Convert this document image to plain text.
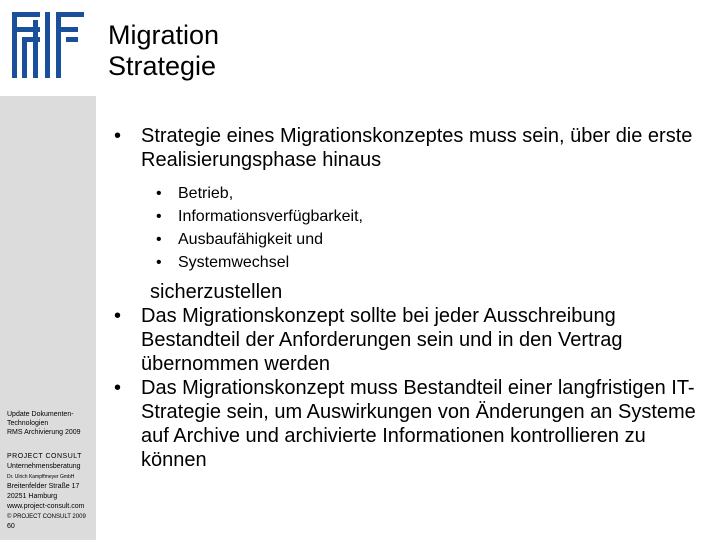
Migration
Strategie
• Strategie eines Migrationskonzeptes muss sein, über die erste Realisierungsphase hinaus
• Betrieb,
• Informationsverfügbarkeit,
• Ausbaufähigkeit und
• Systemwechsel
sicherzustellen
• Das Migrationskonzept sollte bei jeder Ausschreibung Bestandteil der Anforderungen sein und in den Vertrag übernommen werden
• Das Migrationskonzept muss Bestandteil einer langfristigen IT-Strategie sein, um Auswirkungen von Änderungen an Systeme auf Archive und archivierte Informationen kontrollieren zu können
Update Dokumenten-
Technologien
RMS Archivierung 2009
PROJECT CONSULT
Unternehmensberatung
Dr. Ulrich Kampffmeyer GmbH
Breitenfelder Straße 17
20251 Hamburg
www.project-consult.com
© PROJECT CONSULT 2009
60
